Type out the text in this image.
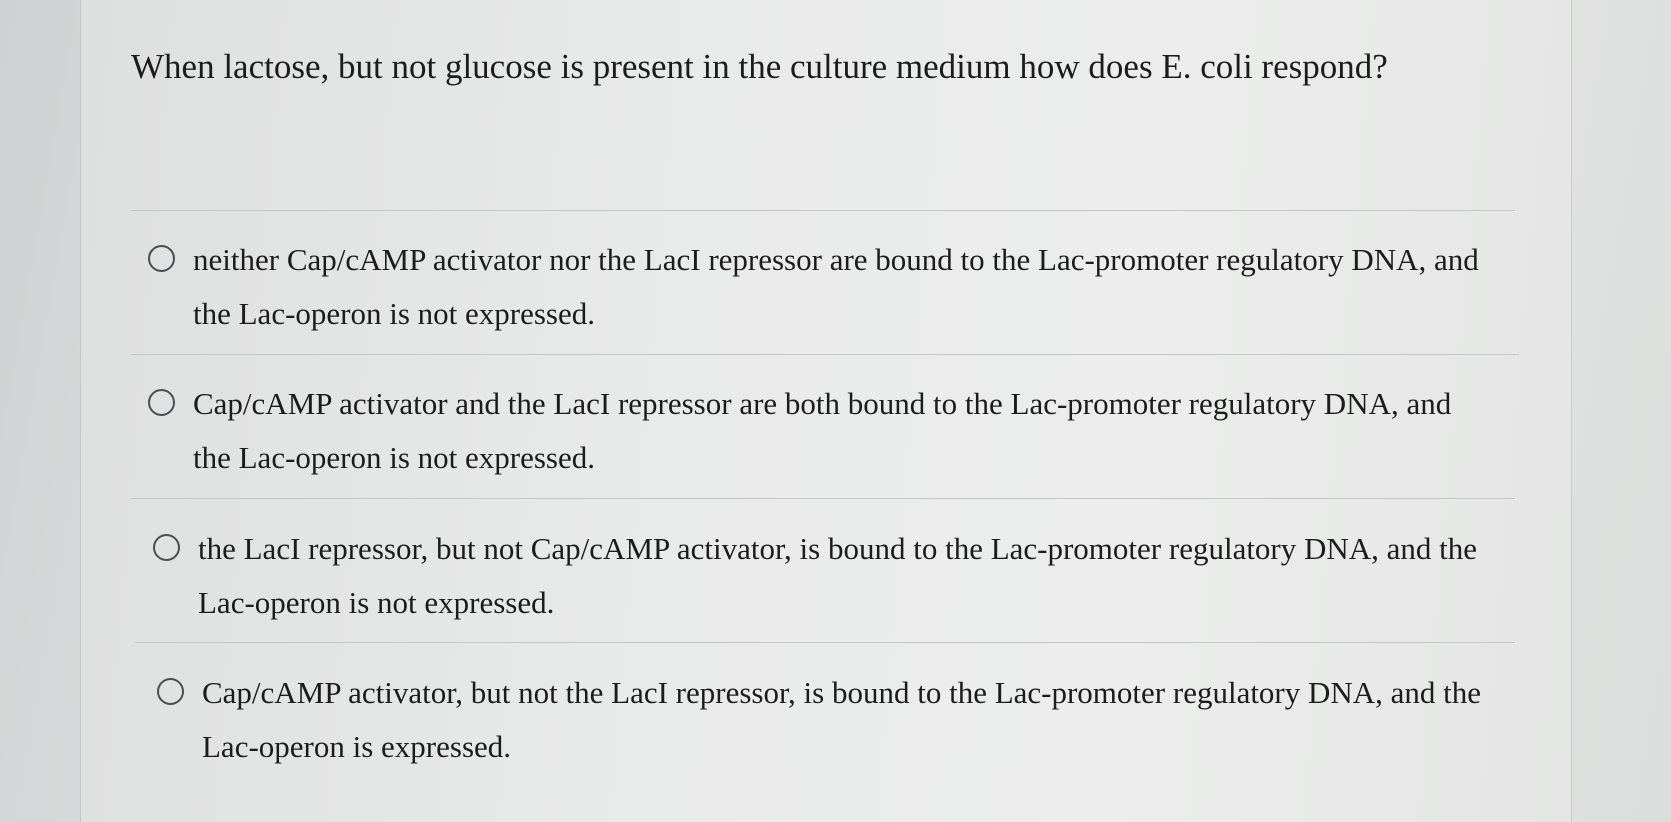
When lactose, but not glucose is present in the culture medium how does E. coli respond?
neither Cap/cAMP activator nor the LacI repressor are bound to the Lac-promoter regulatory DNA, and the Lac-operon is not expressed.
Cap/cAMP activator and the LacI repressor are both bound to the Lac-promoter regulatory DNA, and the Lac-operon is not expressed.
the LacI repressor, but not Cap/cAMP activator, is bound to the Lac-promoter regulatory DNA, and the Lac-operon is not expressed.
Cap/cAMP activator, but not the LacI repressor, is bound to the Lac-promoter regulatory DNA, and the Lac-operon is expressed.
